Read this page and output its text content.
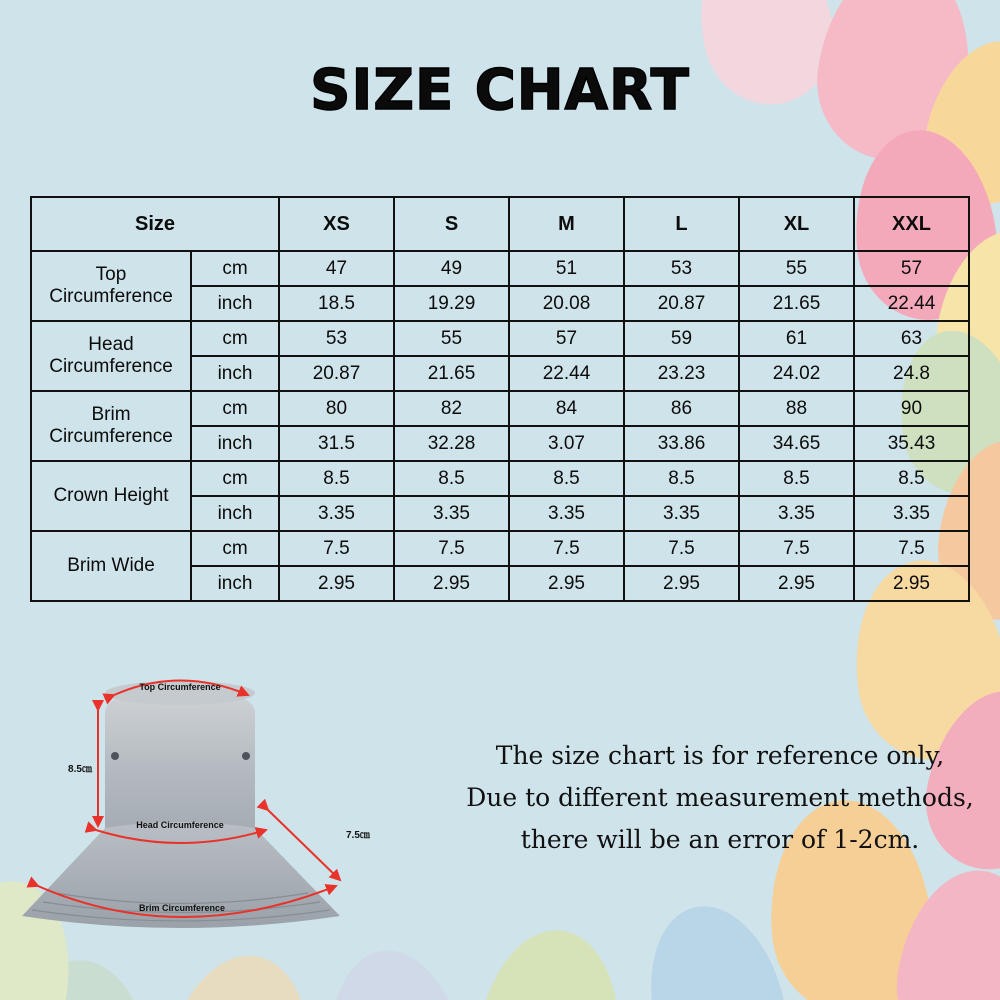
SIZE CHART
Size		XS	S	M	L	XL	XXL
Top Circumference	cm	47	49	51	53	55	57
	inch	18.5	19.29	20.08	20.87	21.65	22.44
Head Circumference	cm	53	55	57	59	61	63
	inch	20.87	21.65	22.44	23.23	24.02	24.8
Brim Circumference	cm	80	82	84	86	88	90
	inch	31.5	32.28	3.07	33.86	34.65	35.43
Crown Height	cm	8.5	8.5	8.5	8.5	8.5	8.5
	inch	3.35	3.35	3.35	3.35	3.35	3.35
Brim Wide	cm	7.5	7.5	7.5	7.5	7.5	7.5
	inch	2.95	2.95	2.95	2.95	2.95	2.95
Top Circumference
8.5㎝
Head Circumference
7.5㎝
Brim Circumference
The size chart is for reference only,
Due to different measurement methods,
there will be an error of 1-2cm.
